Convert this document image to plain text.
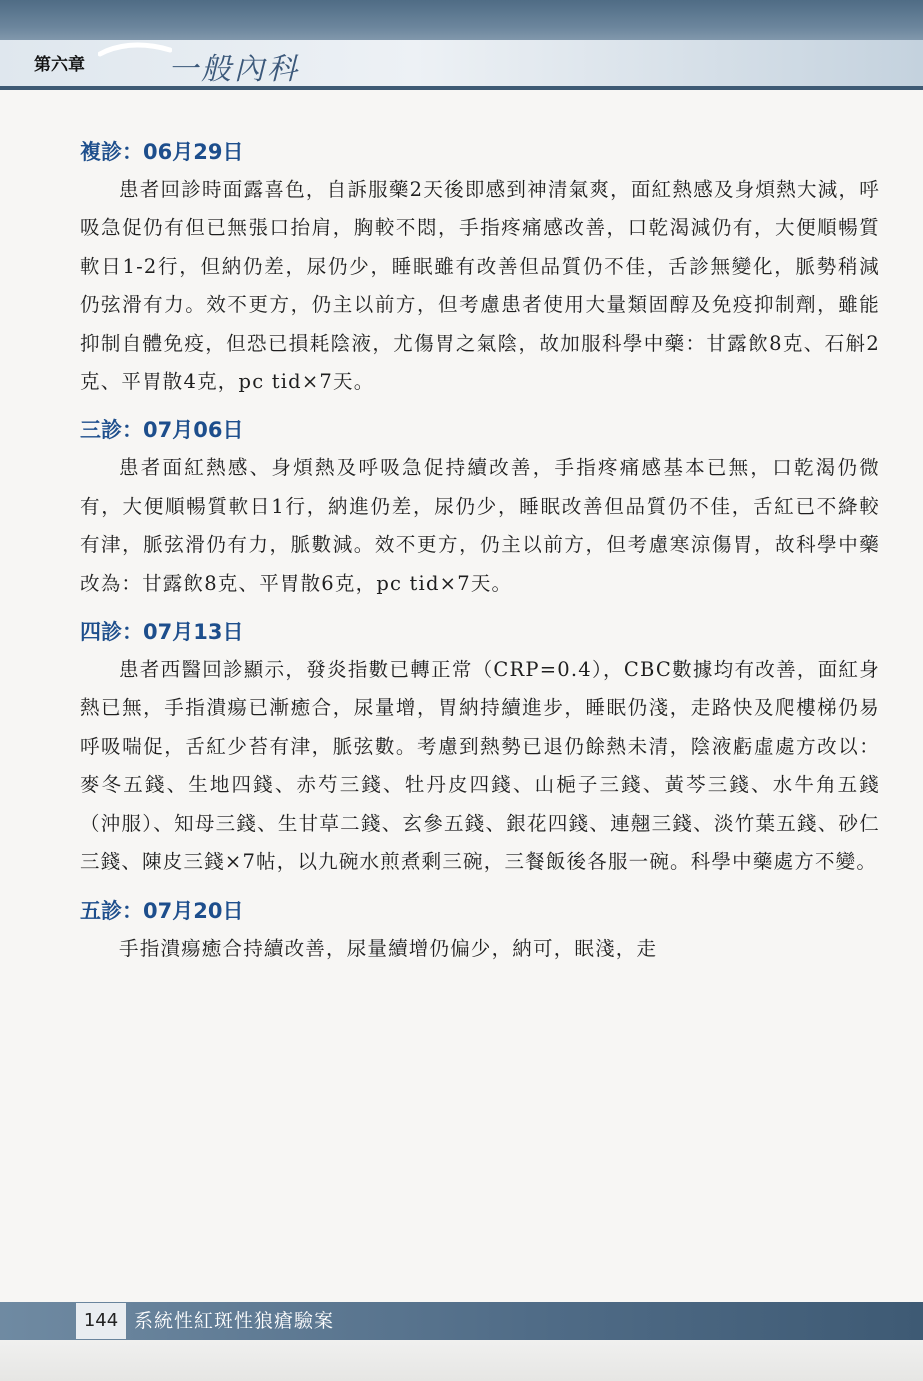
第六章	一般內科
複診：06月29日

患者回診時面露喜色，自訴服藥2天後即感到神清氣爽，面紅熱感及身煩熱大減，呼吸急促仍有但已無張口抬肩，胸較不悶，手指疼痛感改善，口乾渴減仍有，大便順暢質軟日1-2行，但納仍差，尿仍少，睡眠雖有改善但品質仍不佳，舌診無變化，脈勢稍減仍弦滑有力。效不更方，仍主以前方，但考慮患者使用大量類固醇及免疫抑制劑，雖能抑制自體免疫，但恐已損耗陰液，尤傷胃之氣陰，故加服科學中藥：甘露飲8克、石斛2克、平胃散4克，pc tid×7天。

三診：07月06日

患者面紅熱感、身煩熱及呼吸急促持續改善，手指疼痛感基本已無，口乾渴仍微有，大便順暢質軟日1行，納進仍差，尿仍少，睡眠改善但品質仍不佳，舌紅已不絳較有津，脈弦滑仍有力，脈數減。效不更方，仍主以前方，但考慮寒涼傷胃，故科學中藥改為：甘露飲8克、平胃散6克，pc tid×7天。

四診：07月13日

患者西醫回診顯示，發炎指數已轉正常（CRP=0.4），CBC數據均有改善，面紅身熱已無，手指潰瘍已漸癒合，尿量增，胃納持續進步，睡眠仍淺，走路快及爬樓梯仍易呼吸喘促，舌紅少苔有津，脈弦數。考慮到熱勢已退仍餘熱未清，陰液虧虛處方改以：麥冬五錢、生地四錢、赤芍三錢、牡丹皮四錢、山梔子三錢、黃芩三錢、水牛角五錢（沖服）、知母三錢、生甘草二錢、玄參五錢、銀花四錢、連翹三錢、淡竹葉五錢、砂仁三錢、陳皮三錢×7帖，以九碗水煎煮剩三碗，三餐飯後各服一碗。科學中藥處方不變。

五診：07月20日

手指潰瘍癒合持續改善，尿量續增仍偏少，納可，眠淺，走

144 系統性紅斑性狼瘡驗案
